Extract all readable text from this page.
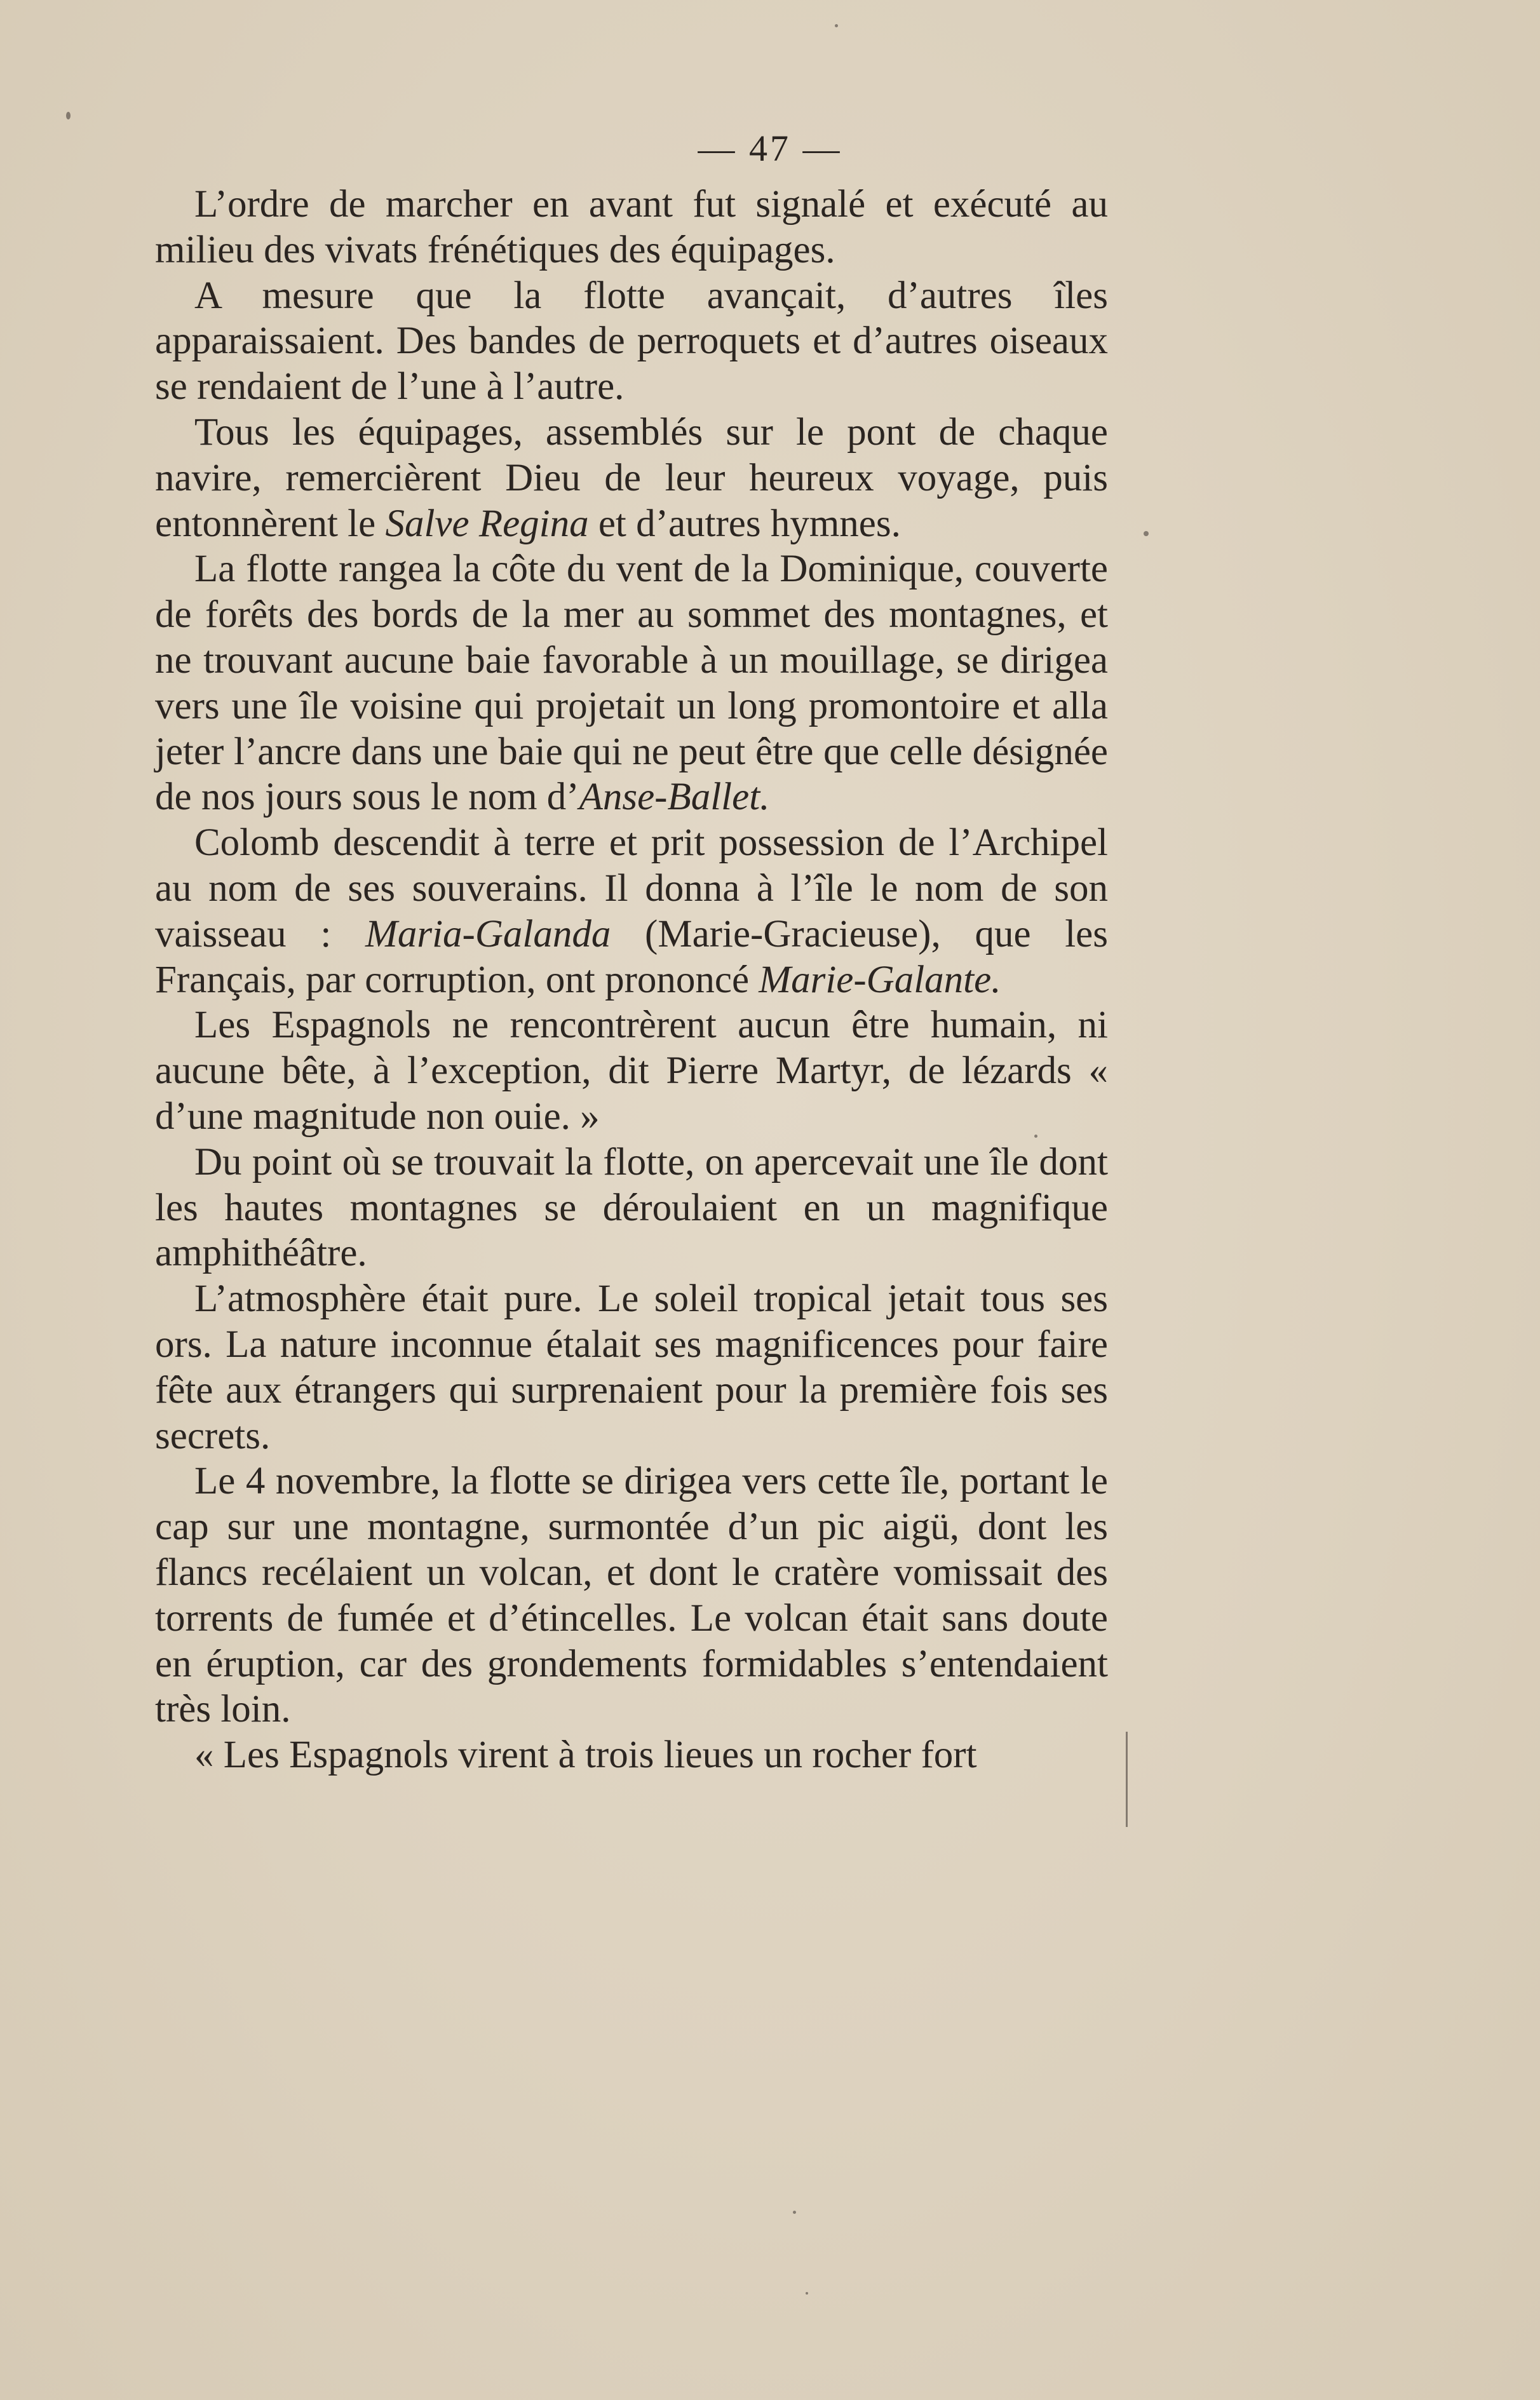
— 47 —

L’ordre de marcher en avant fut signalé et exécuté au milieu des vivats frénétiques des équipages.

A mesure que la flotte avançait, d’autres îles apparaissaient. Des bandes de perroquets et d’autres oiseaux se rendaient de l’une à l’autre.

Tous les équipages, assemblés sur le pont de chaque navire, remercièrent Dieu de leur heureux voyage, puis entonnèrent le Salve Regina et d’autres hymnes.

La flotte rangea la côte du vent de la Dominique, couverte de forêts des bords de la mer au sommet des montagnes, et ne trouvant aucune baie favorable à un mouillage, se dirigea vers une île voisine qui projetait un long promontoire et alla jeter l’ancre dans une baie qui ne peut être que celle désignée de nos jours sous le nom d’Anse-Ballet.

Colomb descendit à terre et prit possession de l’Archipel au nom de ses souverains. Il donna à l’île le nom de son vaisseau : Maria-Galanda (Marie-Gracieuse), que les Français, par corruption, ont prononcé Marie-Galante.

Les Espagnols ne rencontrèrent aucun être humain, ni aucune bête, à l’exception, dit Pierre Martyr, de lézards « d’une magnitude non ouie. »

Du point où se trouvait la flotte, on apercevait une île dont les hautes montagnes se déroulaient en un magnifique amphithéâtre.

L’atmosphère était pure. Le soleil tropical jetait tous ses ors. La nature inconnue étalait ses magnificences pour faire fête aux étrangers qui surprenaient pour la première fois ses secrets.

Le 4 novembre, la flotte se dirigea vers cette île, portant le cap sur une montagne, surmontée d’un pic aigü, dont les flancs recélaient un volcan, et dont le cratère vomissait des torrents de fumée et d’étincelles. Le volcan était sans doute en éruption, car des grondements formidables s’entendaient très loin.

« Les Espagnols virent à trois lieues un rocher fort
